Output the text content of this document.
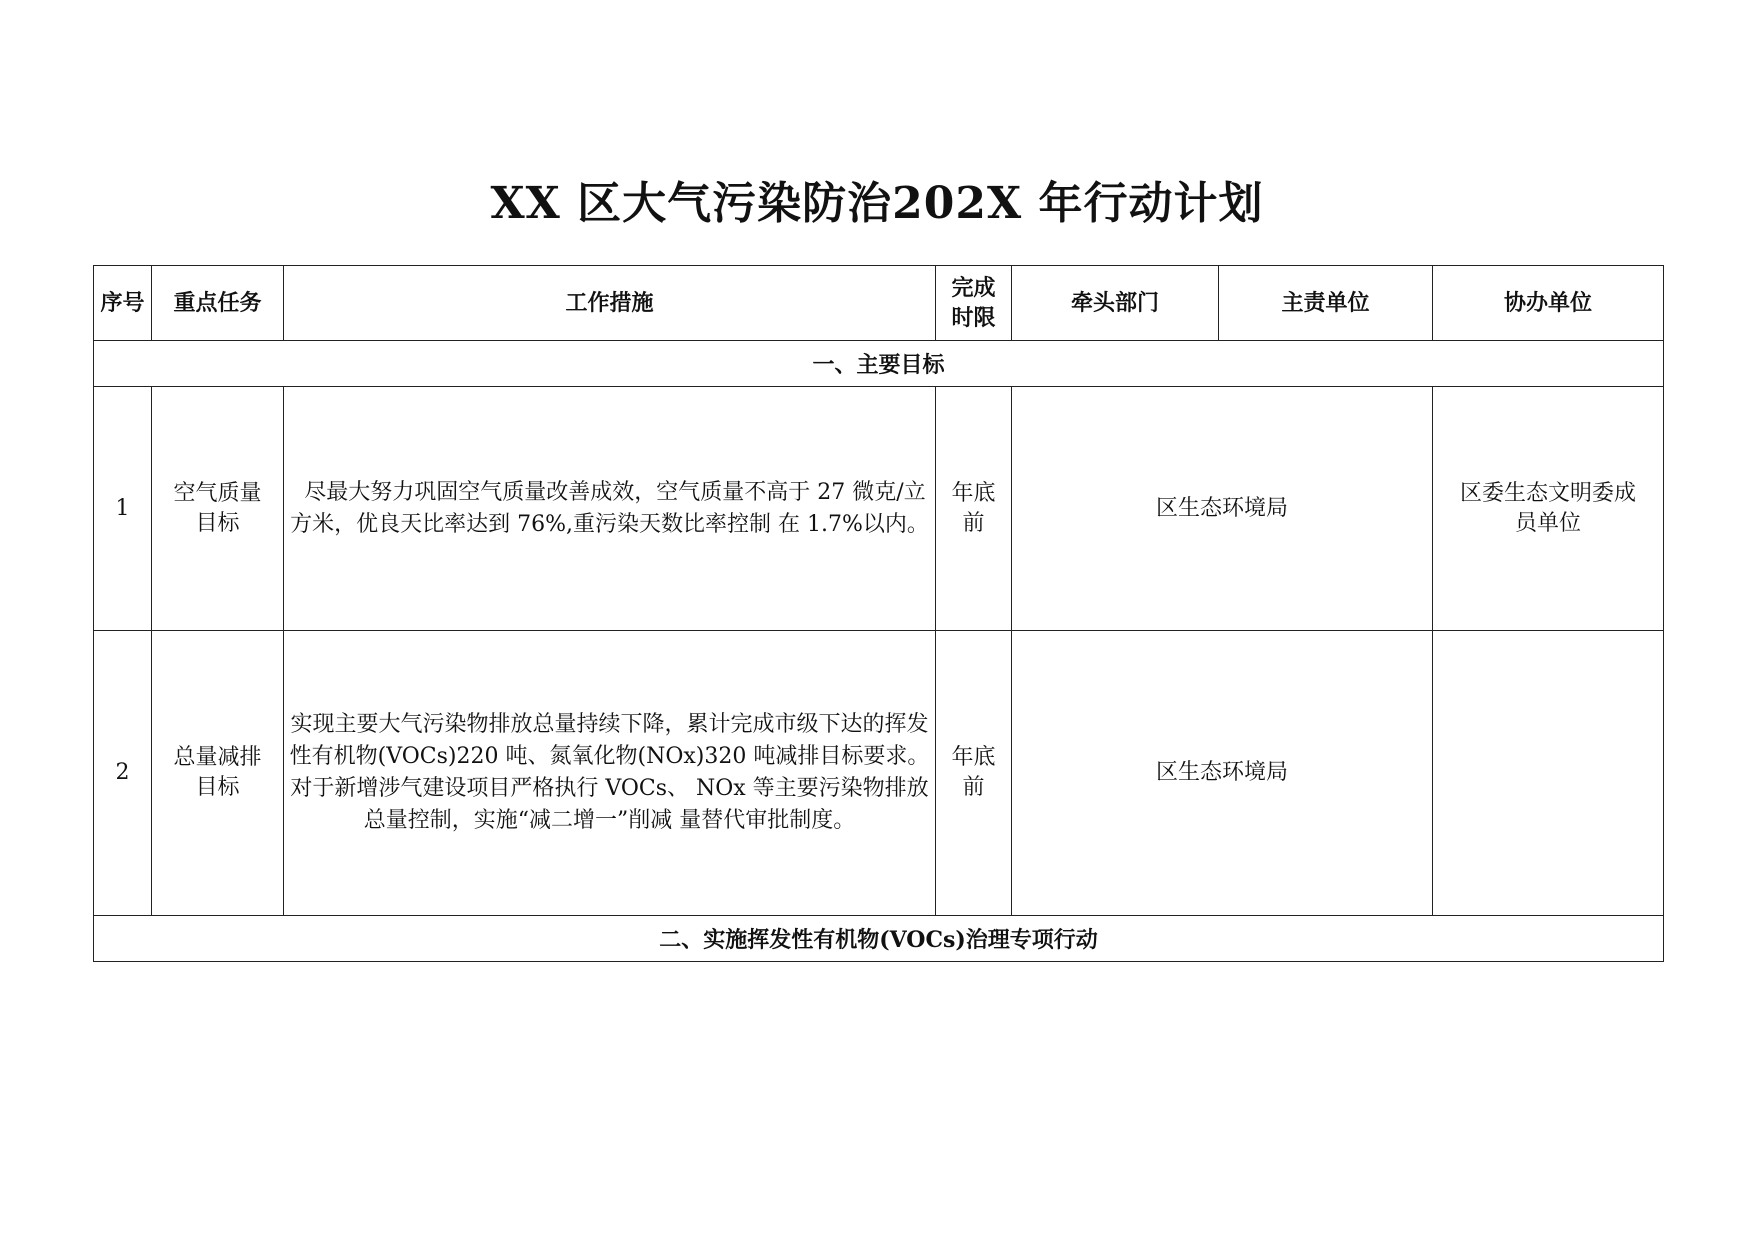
XX 区大气污染防治202X 年行动计划
序号	重点任务	工作措施	完成时限	牵头部门	主责单位	协办单位
一、主要目标						
1	空气质量目标	尽最大努力巩固空气质量改善成效，空气质量不高于 27 微克/立方米，优良天比率达到 76%,重污染天数比率控制 在 1.7%以内。	年底前	区生态环境局		区委生态文明委成员单位
2	总量减排目标	实现主要大气污染物排放总量持续下降，累计完成市级下达的挥发性有机物(VOCs)220 吨、氮氧化物(NOx)320 吨减排目标要求。对于新增涉气建设项目严格执行 VOCs、 NOx 等主要污染物排放总量控制，实施“减二增一”削减 量替代审批制度。	年底前	区生态环境局		
二、实施挥发性有机物(VOCs)治理专项行动						
